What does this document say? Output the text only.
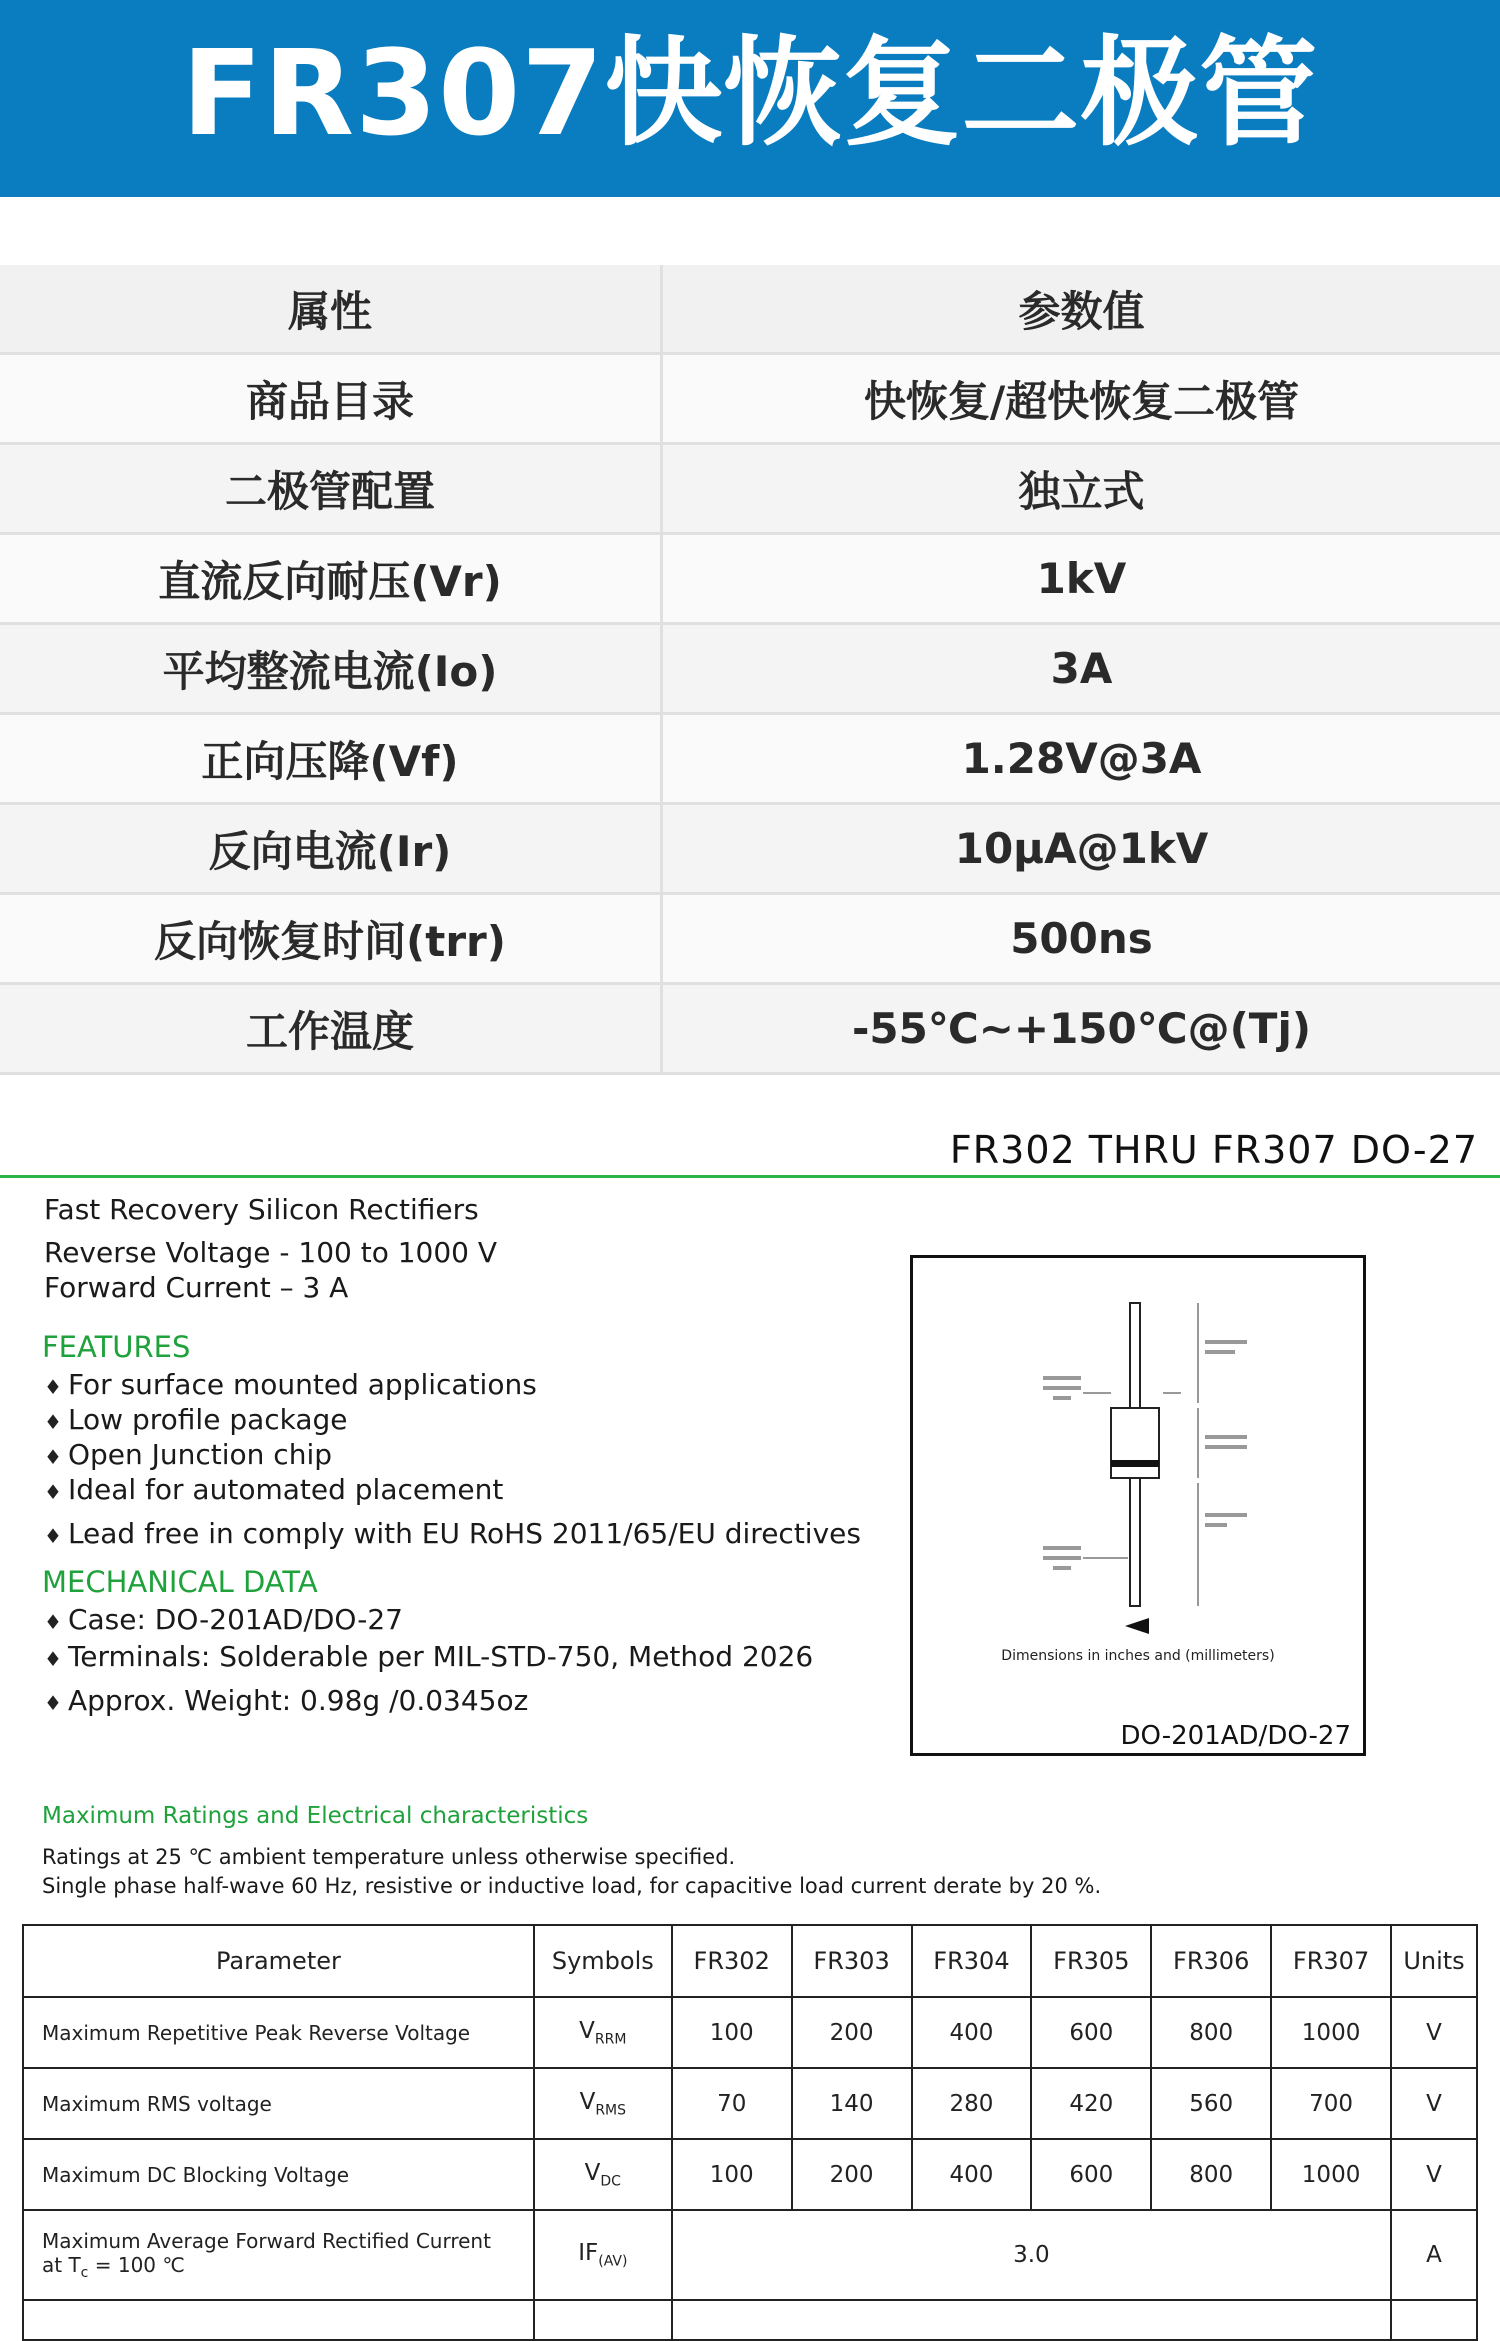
FR307快恢复二极管
属性	参数值
商品目录	快恢复/超快恢复二极管
二极管配置	独立式
直流反向耐压(Vr)	1kV
平均整流电流(Io)	3A
正向压降(Vf)	1.28V@3A
反向电流(Ir)	10μA@1kV
反向恢复时间(trr)	500ns
工作温度	-55℃~+150℃@(Tj)
FR302 THRU FR307 DO-27
Fast Recovery Silicon Rectifiers
Reverse Voltage - 100 to 1000 V
Forward Current – 3 A
FEATURES
♦ For surface mounted applications
♦ Low profile package
♦ Open Junction chip
♦ Ideal for automated placement
♦ Lead free in comply with EU RoHS 2011/65/EU directives
MECHANICAL DATA
♦ Case: DO-201AD/DO-27
♦ Terminals: Solderable per MIL-STD-750, Method 2026
♦ Approx. Weight: 0.98g /0.0345oz
Dimensions in inches and (millimeters)
DO-201AD/DO-27
Maximum Ratings and Electrical characteristics
Ratings at 25 ℃ ambient temperature unless otherwise specified.
Single phase half-wave 60 Hz, resistive or inductive load, for capacitive load current derate by 20 %.
Parameter	Symbols	FR302	FR303	FR304	FR305	FR306	FR307	Units
Maximum Repetitive Peak Reverse Voltage	$V_{RRM}$	100	200	400	600	800	1000	V
Maximum RMS voltage	$V_{RMS}$	70	140	280	420	560	700	V
Maximum DC Blocking Voltage	$V_{DC}$	100	200	400	600	800	1000	V

Maximum Average Forward Rectified Current
at $T_c = 100$ ℃	$IF_{(AV)}$	3.0						A
